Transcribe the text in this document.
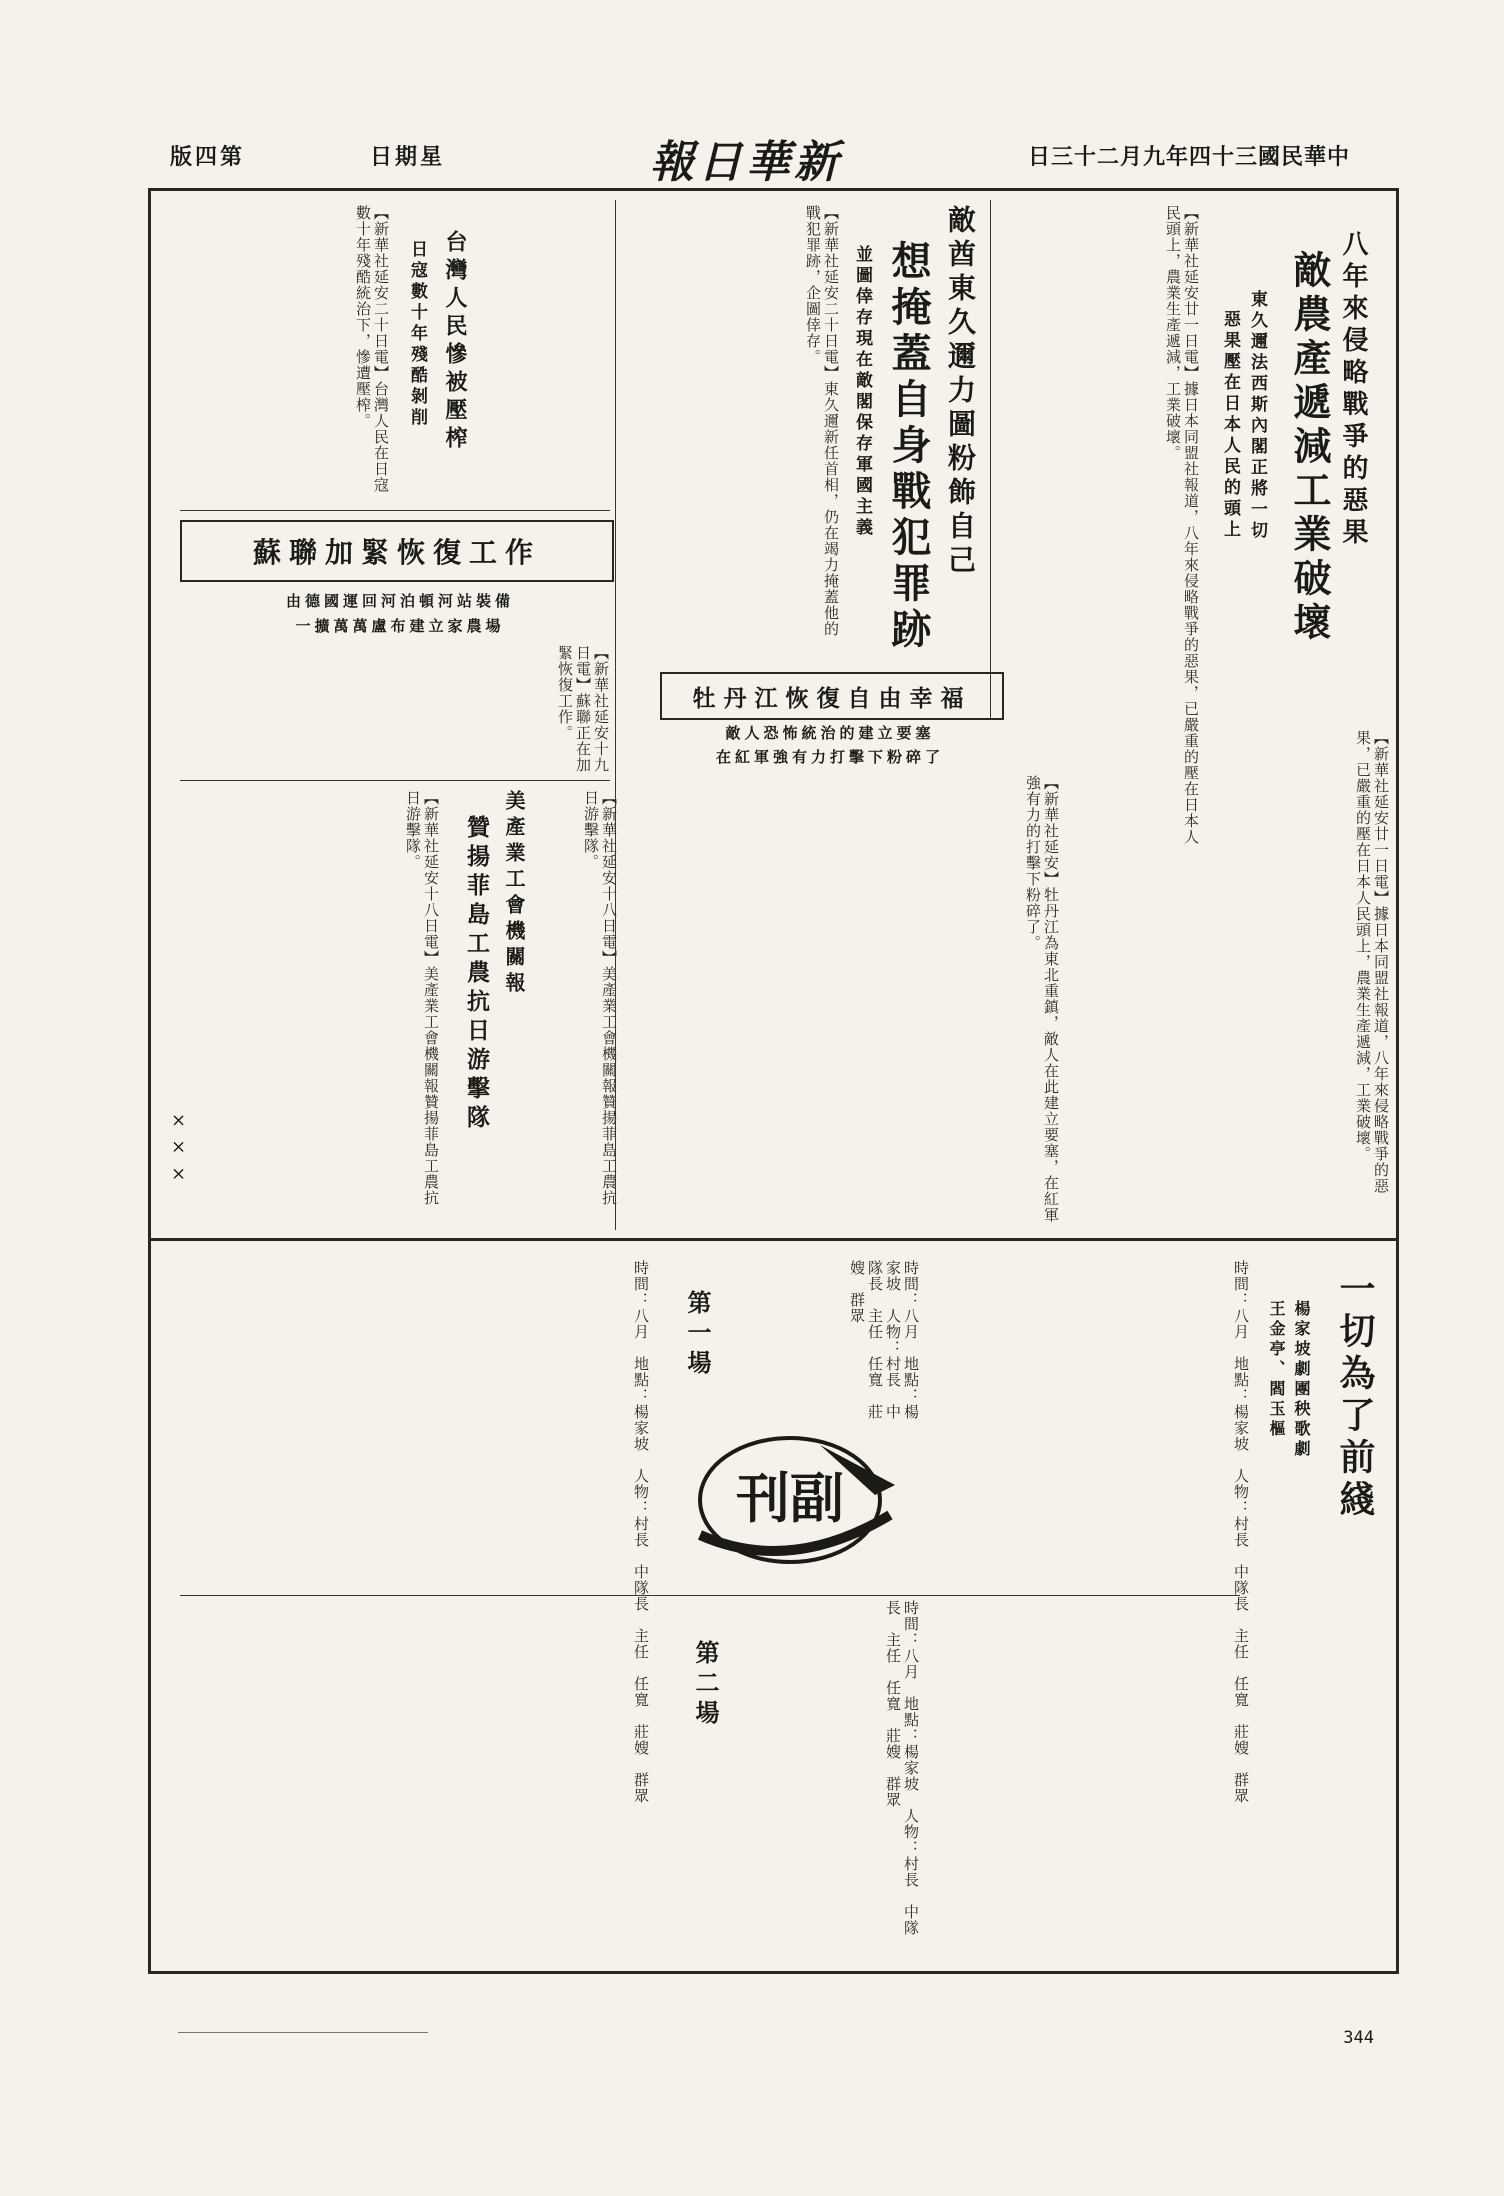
版四第	日期星	報日華新	日三十二月九年四十三國民華中
八年來侵略戰爭的惡果
敵農產遞減工業破壞
東久邇法西斯內閣正將一切
惡果壓在日本人民的頭上
【新華社延安廿一日電】據日本同盟社報道，八年來侵略戰爭的惡果，已嚴重的壓在日本人民頭上，農業生產遞減，工業破壞。
【新華社延安廿一日電】據日本同盟社報道，八年來侵略戰爭的惡果，已嚴重的壓在日本人民頭上，農業生產遞減，工業破壞。
敵酋東久邇力圖粉飾自己
想掩蓋自身戰犯罪跡
並圖倖存現在敵閣保存軍國主義
【新華社延安二十日電】東久邇新任首相，仍在竭力掩蓋他的戰犯罪跡，企圖倖存。
台灣人民慘被壓榨
日寇數十年殘酷剝削
【新華社延安二十日電】台灣人民在日寇數十年殘酷統治下，慘遭壓榨。
蘇聯加緊恢復工作
由德國運回河泊頓河站裝備
一擴萬萬盧布建立家農場
【新華社延安十九日電】蘇聯正在加緊恢復工作。	牡丹江恢復自由幸福
敵人恐怖統治的建立要塞
在紅軍強有力打擊下粉碎了
【新華社延安】牡丹江為東北重鎮，敵人在此建立要塞，在紅軍強有力的打擊下粉碎了。
美產業工會機關報
贊揚菲島工農抗日游擊隊
【新華社延安十八日電】美產業工會機關報贊揚菲島工農抗日游擊隊。	【新華社延安十八日電】美產業工會機關報贊揚菲島工農抗日游擊隊。
一切為了前綫
楊家坡劇團秧歌劇
王金亭、閻玉樞
第一場
第二場	時間：八月　地點：楊家坡　人物：村長　中隊長　主任　任寬　莊嫂　群眾
時間：八月　地點：楊家坡　人物：村長　中隊長　主任　任寬　莊嫂　群眾
時間：八月　地點：楊家坡　人物：村長　中隊長　主任　任寬　莊嫂　群眾	時間：八月　地點：楊家坡　人物：村長　中隊長　主任　任寬　莊嫂　群眾
刊副
× × ×
344
